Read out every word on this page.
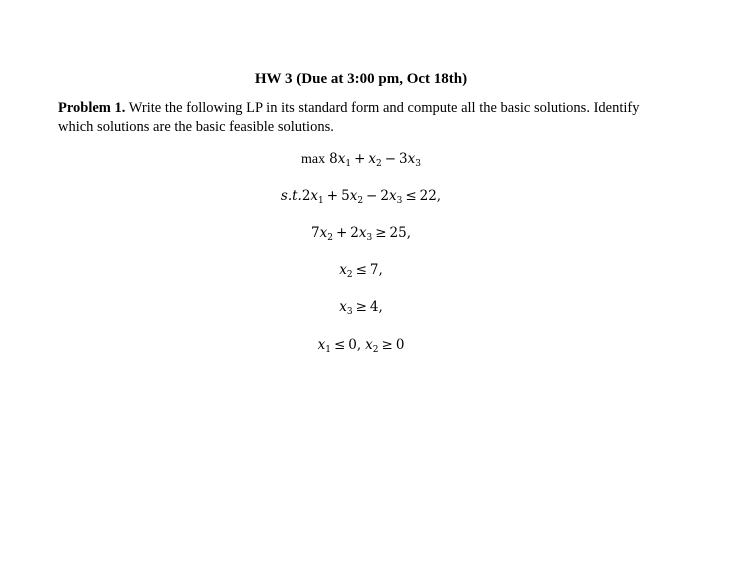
HW 3 (Due at 3:00 pm, Oct 18th)
Problem 1. Write the following LP in its standard form and compute all the basic solutions. Identify which solutions are the basic feasible solutions.
$\max 8x_1 + x_2 - 3x_3$
$s.t.2x_1 + 5x_2 - 2x_3 \le 22$,
$7x_2 + 2x_3 \ge 25$,
$x_2 \le 7$,
$x_3 \ge 4$,
$x_1 \le 0$, $x_2 \ge 0$
